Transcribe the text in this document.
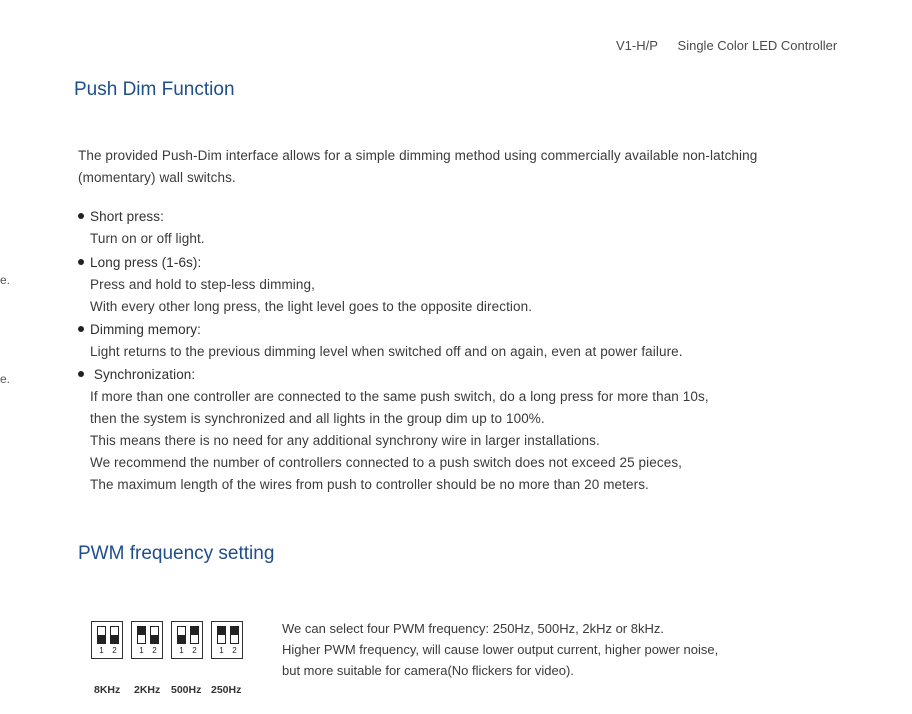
V1-H/P Single Color LED Controller
Push Dim Function
The provided Push-Dim interface allows for a simple dimming method using commercially available non-latching
(momentary) wall switchs.
e.
e.
Short press:
Turn on or off light.
Long press (1-6s):
Press and hold to step-less dimming,
With every other long press, the light level goes to the opposite direction.
Dimming memory:
Light returns to the previous dimming level when switched off and on again, even at power failure.
Synchronization:
If more than one controller are connected to the same push switch, do a long press for more than 10s,
then the system is synchronized and all lights in the group dim up to 100%.
This means there is no need for any additional synchrony wire in larger installations.
We recommend the number of controllers connected to a push switch does not exceed 25 pieces,
The maximum length of the wires from push to controller should be no more than 20 meters.
PWM frequency setting
1 2	1 2	1 2	1 2
8KHz 2KHz 500Hz 250Hz
We can select four PWM frequency: 250Hz, 500Hz, 2kHz or 8kHz.
Higher PWM frequency, will cause lower output current, higher power noise,
but more suitable for camera(No flickers for video).
